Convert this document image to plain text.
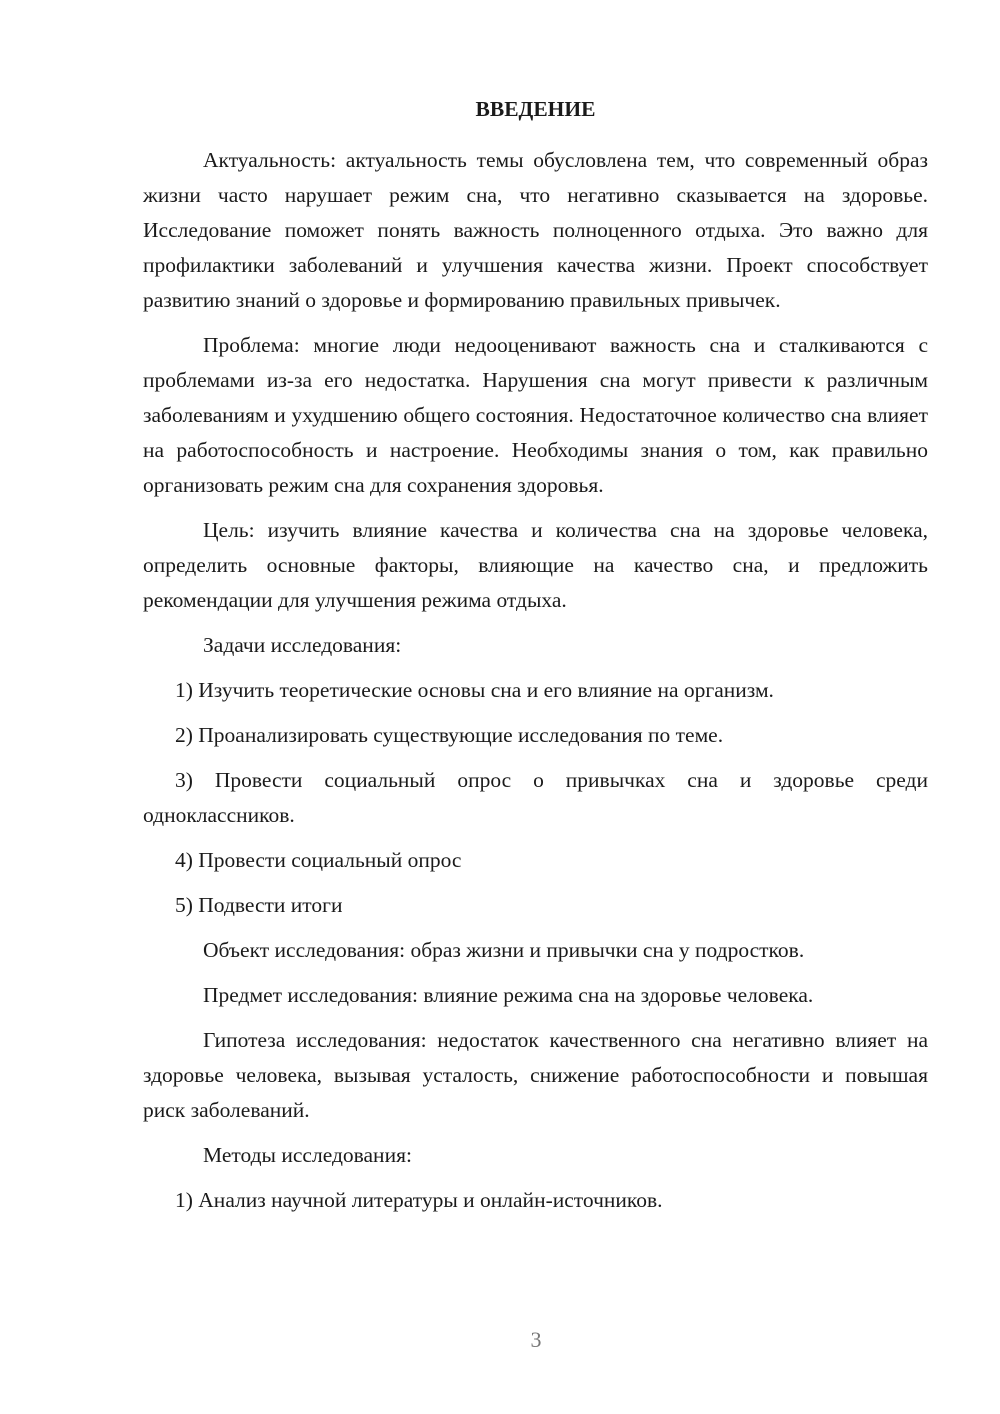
ВВЕДЕНИЕ

Актуальность: актуальность темы обусловлена тем, что современный образ жизни часто нарушает режим сна, что негативно сказывается на здоровье. Исследование поможет понять важность полноценного отдыха. Это важно для профилактики заболеваний и улучшения качества жизни. Проект способствует развитию знаний о здоровье и формированию правильных привычек.

Проблема: многие люди недооценивают важность сна и сталкиваются с проблемами из-за его недостатка. Нарушения сна могут привести к различным заболеваниям и ухудшению общего состояния. Недостаточное количество сна влияет на работоспособность и настроение. Необходимы знания о том, как правильно организовать режим сна для сохранения здоровья.

Цель: изучить влияние качества и количества сна на здоровье человека, определить основные факторы, влияющие на качество сна, и предложить рекомендации для улучшения режима отдыха.

Задачи исследования:

1) Изучить теоретические основы сна и его влияние на организм.

2) Проанализировать существующие исследования по теме.

3) Провести социальный опрос о привычках сна и здоровье среди одноклассников.

4) Провести социальный опрос

5) Подвести итоги

Объект исследования: образ жизни и привычки сна у подростков.

Предмет исследования: влияние режима сна на здоровье человека.

Гипотеза исследования: недостаток качественного сна негативно влияет на здоровье человека, вызывая усталость, снижение работоспособности и повышая риск заболеваний.

Методы исследования:

1) Анализ научной литературы и онлайн-источников.

3
